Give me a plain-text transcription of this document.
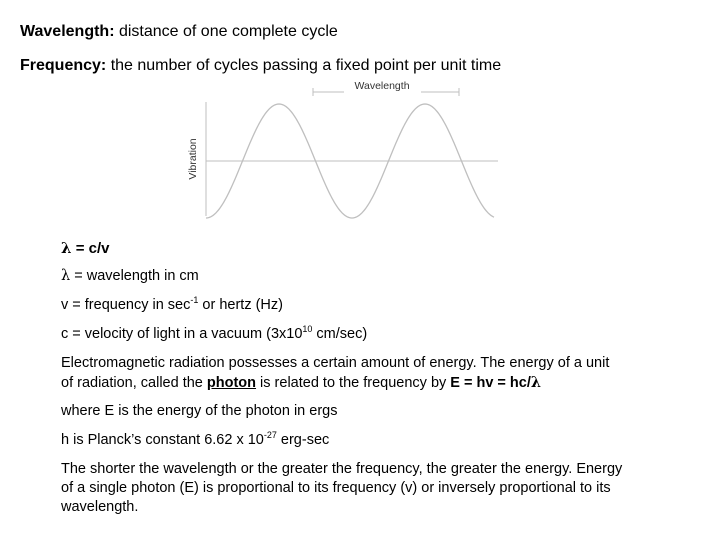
Wavelength: distance of one complete cycle
Frequency: the number of cycles passing a fixed point per unit time
Wavelength
Vibration
λ = c/v
λ = wavelength in cm
v = frequency in $\sec^{-1}$ or hertz (Hz)
c = velocity of light in a vacuum ($3x10^{10}$ cm/sec)
Electromagnetic radiation possesses a certain amount of energy. The energy of a unit
of radiation, called the photon is related to the frequency by E = hv = hc/λ
where E is the energy of the photon in ergs
h is Planck’s constant 6.62 x $10^{-27}$ erg-sec
The shorter the wavelength or the greater the frequency, the greater the energy. Energy
of a single photon (E) is proportional to its frequency (v) or inversely proportional to its
wavelength.
